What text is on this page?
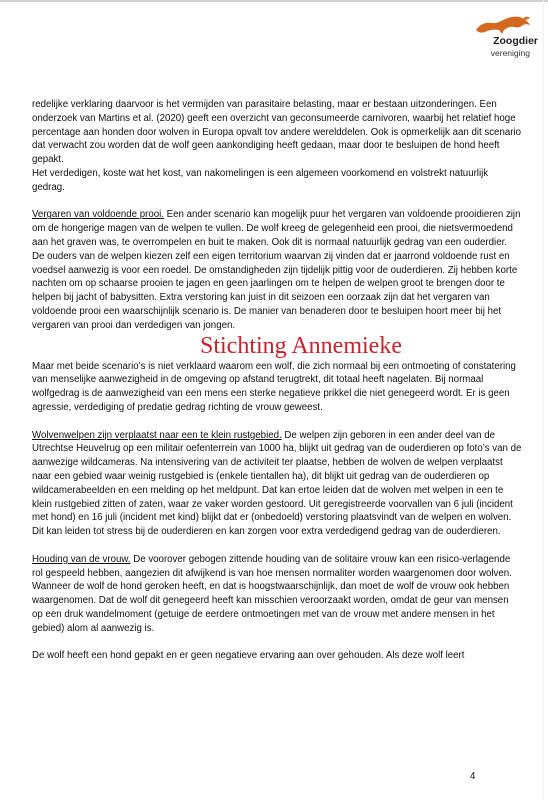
Zoogdier
vereniging

redelijke verklaring daarvoor is het vermijden van parasitaire belasting, maar er bestaan uitzonderingen. Een onderzoek van Martins et al. (2020) geeft een overzicht van geconsumeerde carnivoren, waarbij het relatief hoge percentage aan honden door wolven in Europa opvalt tov andere werelddelen. Ook is opmerkelijk aan dit scenario dat verwacht zou worden dat de wolf geen aankondiging heeft gedaan, maar door te besluipen de hond heeft gepakt.

Het verdedigen, koste wat het kost, van nakomelingen is een algemeen voorkomend en volstrekt natuurlijk gedrag.

Vergaren van voldoende prooi. Een ander scenario kan mogelijk puur het vergaren van voldoende prooidieren zijn om de hongerige magen van de welpen te vullen. De wolf kreeg de gelegenheid een prooi, die nietsvermoedend aan het graven was, te overrompelen en buit te maken. Ook dit is normaal natuurlijk gedrag van een ouderdier.

De ouders van de welpen kiezen zelf een eigen territorium waarvan zij vinden dat er jaarrond voldoende rust en voedsel aanwezig is voor een roedel. De omstandigheden zijn tijdelijk pittig voor de ouderdieren. Zij hebben korte nachten om op schaarse prooien te jagen en geen jaarlingen om te helpen de welpen groot te brengen door te helpen bij jacht of babysitten. Extra verstoring kan juist in dit seizoen een oorzaak zijn dat het vergaren van voldoende prooi een waarschijnlijk scenario is. De manier van benaderen door te besluipen hoort meer bij het vergaren van prooi dan verdedigen van jongen.

Stichting Annemieke

Maar met beide scenario’s is niet verklaard waarom een wolf, die zich normaal bij een ontmoeting of constatering van menselijke aanwezigheid in de omgeving op afstand terugtrekt, dit totaal heeft nagelaten. Bij normaal wolfgedrag is de aanwezigheid van een mens een sterke negatieve prikkel die niet genegeerd wordt. Er is geen agressie, verdediging of predatie gedrag richting de vrouw geweest.

Wolvenwelpen zijn verplaatst naar een te klein rustgebied. De welpen zijn geboren in een ander deel van de Utrechtse Heuvelrug op een militair oefenterrein van 1000 ha, blijkt uit gedrag van de ouderdieren op foto’s van de aanwezige wildcameras. Na intensivering van de activiteit ter plaatse, hebben de wolven de welpen verplaatst naar een gebied waar weinig rustgebied is (enkele tientallen ha), dit blijkt uit gedrag van de ouderdieren op wildcamerabeelden en een melding op het meldpunt. Dat kan ertoe leiden dat de wolven met welpen in een te klein rustgebied zitten of zaten, waar ze vaker worden gestoord. Uit geregistreerde voorvallen van 6 juli (incident met hond) en 16 juli (incident met kind) blijkt dat er (onbedoeld) verstoring plaatsvindt van de welpen en wolven. Dit kan leiden tot stress bij de ouderdieren en kan zorgen voor extra verdedigend gedrag van de ouderdieren.

Houding van de vrouw. De voorover gebogen zittende houding van de solitaire vrouw kan een risico-verlagende rol gespeeld hebben, aangezien dit afwijkend is van hoe mensen normaliter worden waargenomen door wolven. Wanneer de wolf de hond geroken heeft, en dat is hoogstwaarschijnlijk, dan moet de wolf de vrouw ook hebben waargenomen. Dat de wolf dit genegeerd heeft kan misschien veroorzaakt worden, omdat de geur van mensen op een druk wandelmoment (getuige de eerdere ontmoetingen met van de vrouw met andere mensen in het gebied) alom al aanwezig is.

De wolf heeft een hond gepakt en er geen negatieve ervaring aan over gehouden. Als deze wolf leert

4
